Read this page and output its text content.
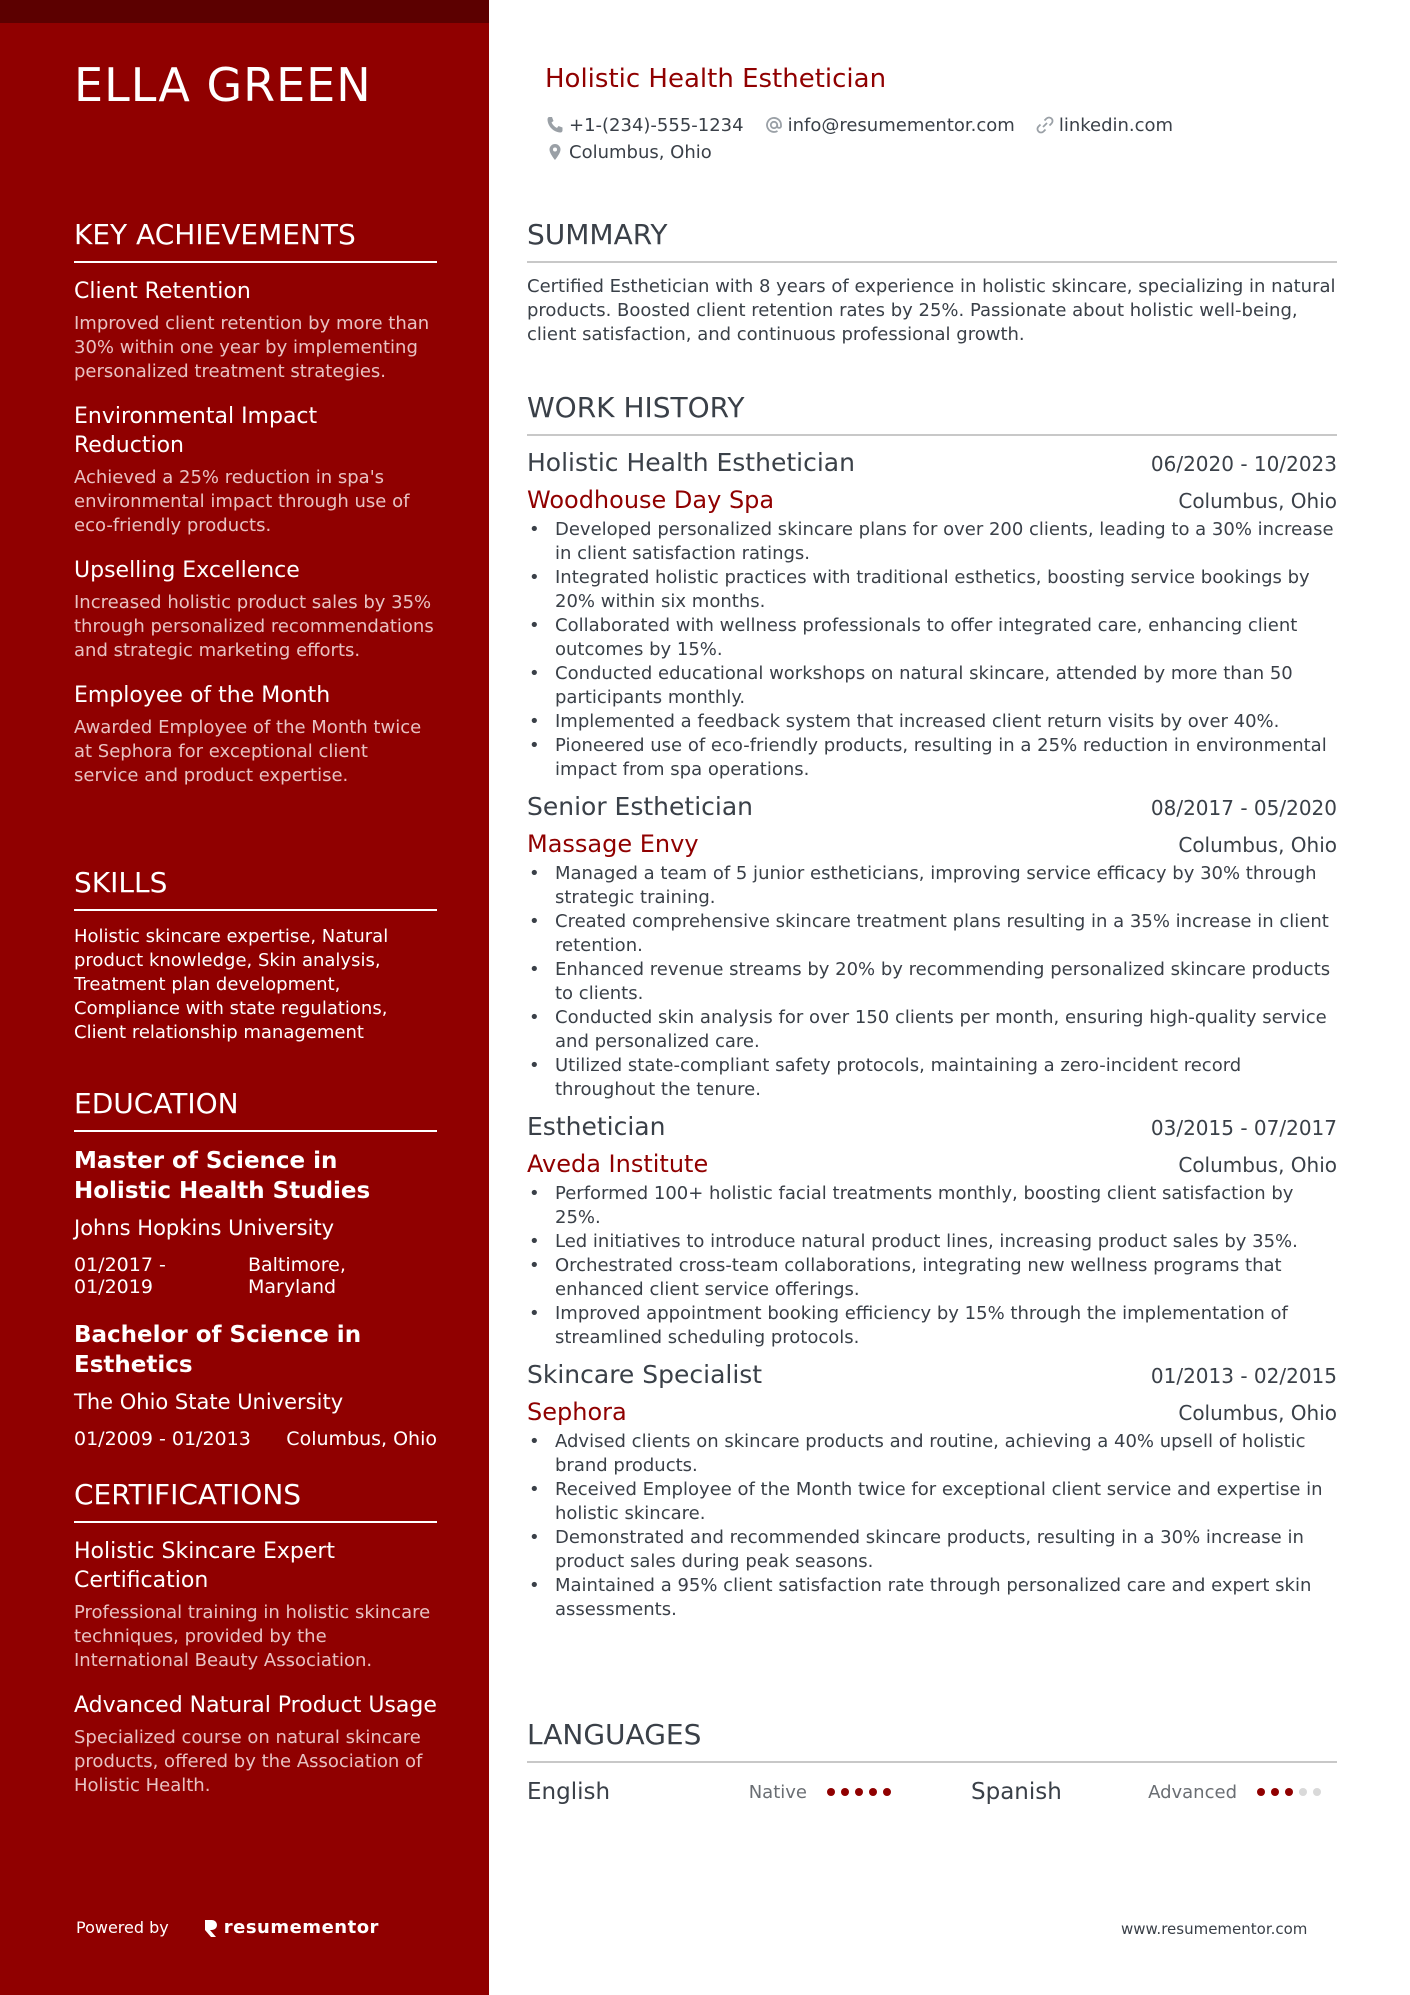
ELLA GREEN
KEY ACHIEVEMENTS
Client Retention
Improved client retention by more than 30% within one year by implementing personalized treatment strategies.
Environmental Impact Reduction
Achieved a 25% reduction in spa's environmental impact through use of eco-friendly products.
Upselling Excellence
Increased holistic product sales by 35% through personalized recommendations and strategic marketing efforts.
Employee of the Month
Awarded Employee of the Month twice at Sephora for exceptional client service and product expertise.
SKILLS
Holistic skincare expertise, Natural product knowledge, Skin analysis, Treatment plan development, Compliance with state regulations, Client relationship management
EDUCATION
Master of Science in Holistic Health Studies
Johns Hopkins University
01/2017 - 01/2019
Baltimore, Maryland
Bachelor of Science in Esthetics
The Ohio State University
01/2009 - 01/2013 Columbus, Ohio
CERTIFICATIONS
Holistic Skincare Expert Certification
Professional training in holistic skincare techniques, provided by the International Beauty Association.
Advanced Natural Product Usage
Specialized course on natural skincare products, offered by the Association of Holistic Health.
Powered by	resumementor
Holistic Health Esthetician
+1-(234)-555-1234 info@resumementor.com linkedin.com
Columbus, Ohio
SUMMARY
Certified Esthetician with 8 years of experience in holistic skincare, specializing in natural products. Boosted client retention rates by 25%. Passionate about holistic well-being, client satisfaction, and continuous professional growth.
WORK HISTORY
Holistic Health Esthetician	06/2020 - 10/2023
Woodhouse Day Spa	Columbus, Ohio
• Developed personalized skincare plans for over 200 clients, leading to a 30% increase in client satisfaction ratings.
• Integrated holistic practices with traditional esthetics, boosting service bookings by 20% within six months.
• Collaborated with wellness professionals to offer integrated care, enhancing client outcomes by 15%.
• Conducted educational workshops on natural skincare, attended by more than 50 participants monthly.
• Implemented a feedback system that increased client return visits by over 40%.
• Pioneered use of eco-friendly products, resulting in a 25% reduction in environmental impact from spa operations.
Senior Esthetician	08/2017 - 05/2020
Massage Envy	Columbus, Ohio
• Managed a team of 5 junior estheticians, improving service efficacy by 30% through strategic training.
• Created comprehensive skincare treatment plans resulting in a 35% increase in client retention.
• Enhanced revenue streams by 20% by recommending personalized skincare products to clients.
• Conducted skin analysis for over 150 clients per month, ensuring high-quality service and personalized care.
• Utilized state-compliant safety protocols, maintaining a zero-incident record throughout the tenure.
Esthetician	03/2015 - 07/2017
Aveda Institute	Columbus, Ohio
• Performed 100+ holistic facial treatments monthly, boosting client satisfaction by 25%.
• Led initiatives to introduce natural product lines, increasing product sales by 35%.
• Orchestrated cross-team collaborations, integrating new wellness programs that enhanced client service offerings.
• Improved appointment booking efficiency by 15% through the implementation of streamlined scheduling protocols.
Skincare Specialist	01/2013 - 02/2015
Sephora	Columbus, Ohio
• Advised clients on skincare products and routine, achieving a 40% upsell of holistic brand products.
• Received Employee of the Month twice for exceptional client service and expertise in holistic skincare.
• Demonstrated and recommended skincare products, resulting in a 30% increase in product sales during peak seasons.
• Maintained a 95% client satisfaction rate through personalized care and expert skin assessments.
LANGUAGES
English	Native	Spanish	Advanced
www.resumementor.com
